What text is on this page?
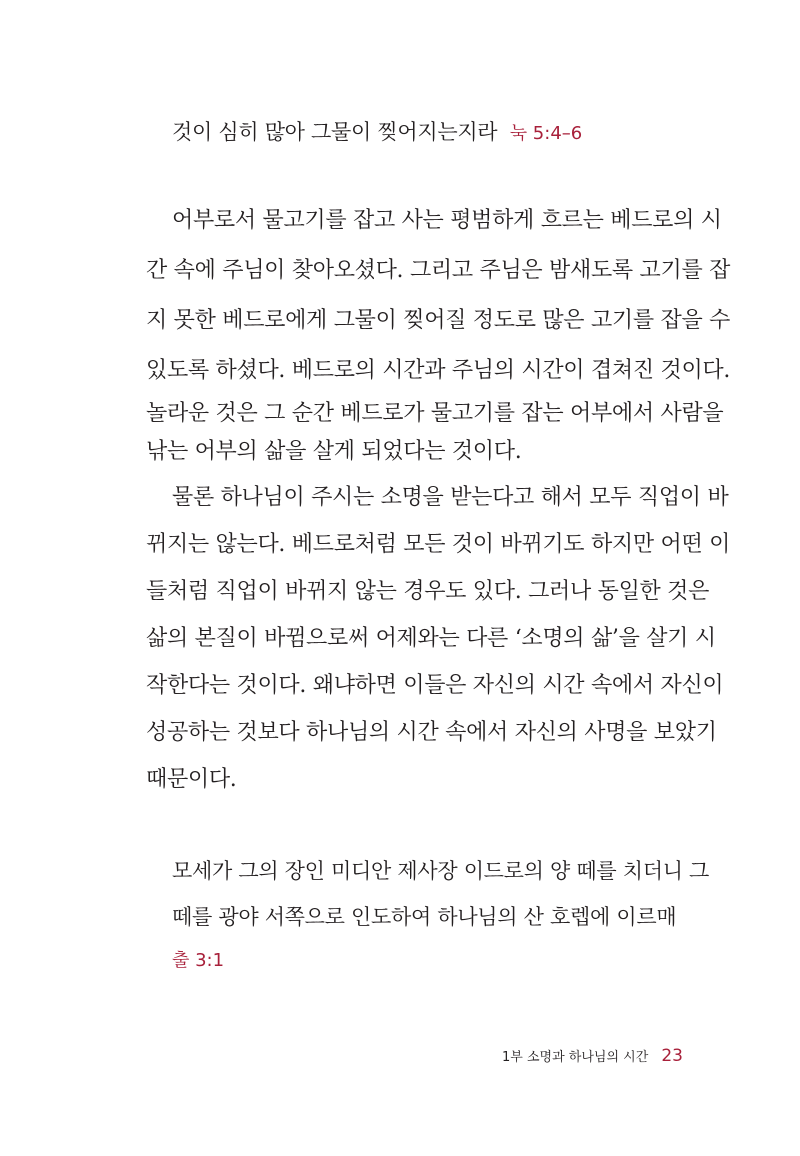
것이 심히 많아 그물이 찢어지는지라 눅 5:4–6
어부로서 물고기를 잡고 사는 평범하게 흐르는 베드로의 시
간 속에 주님이 찾아오셨다. 그리고 주님은 밤새도록 고기를 잡
지 못한 베드로에게 그물이 찢어질 정도로 많은 고기를 잡을 수
있도록 하셨다. 베드로의 시간과 주님의 시간이 겹쳐진 것이다.
놀라운 것은 그 순간 베드로가 물고기를 잡는 어부에서 사람을
낚는 어부의 삶을 살게 되었다는 것이다.
물론 하나님이 주시는 소명을 받는다고 해서 모두 직업이 바
뀌지는 않는다. 베드로처럼 모든 것이 바뀌기도 하지만 어떤 이
들처럼 직업이 바뀌지 않는 경우도 있다. 그러나 동일한 것은
삶의 본질이 바뀜으로써 어제와는 다른 ‘소명의 삶’을 살기 시
작한다는 것이다. 왜냐하면 이들은 자신의 시간 속에서 자신이
성공하는 것보다 하나님의 시간 속에서 자신의 사명을 보았기
때문이다.
모세가 그의 장인 미디안 제사장 이드로의 양 떼를 치더니 그
떼를 광야 서쪽으로 인도하여 하나님의 산 호렙에 이르매
출 3:1
1부 소명과 하나님의 시간 23
